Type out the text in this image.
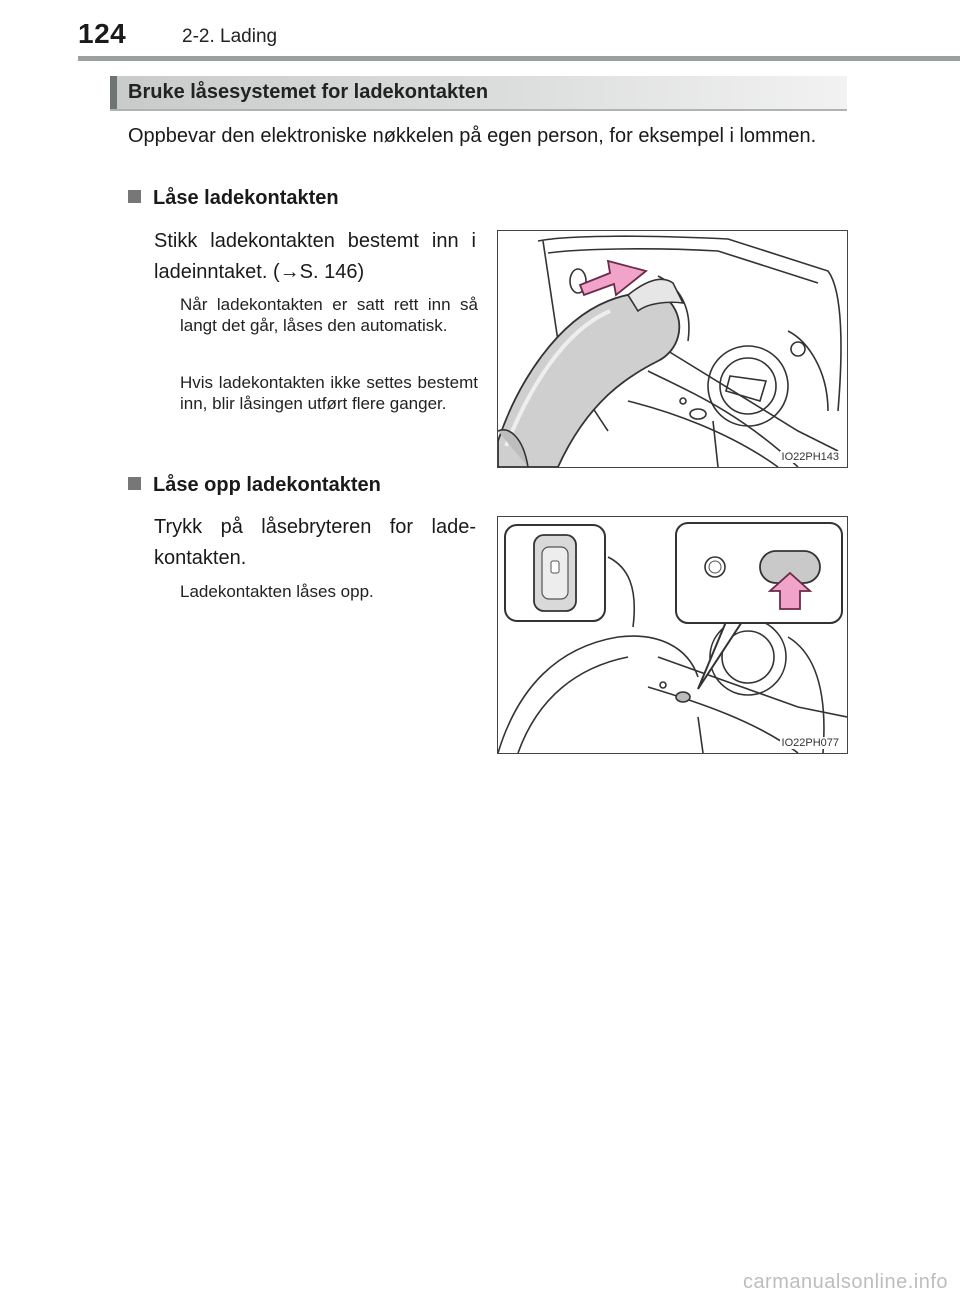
124	2-2. Lading
Bruke låsesystemet for ladekontakten
Oppbevar den elektroniske nøkkelen på egen person, for eksempel i lommen.
Låse ladekontakten
Stikk ladekontakten bestemt inn i ladeinntaket. (→S. 146)
Når ladekontakten er satt rett inn så langt det går, låses den automatisk.
Hvis ladekontakten ikke settes bestemt inn, blir låsingen utført flere ganger.
IO22PH143
Låse opp ladekontakten
Trykk på låsebryteren for lade-kontakten.
Ladekontakten låses opp.
IO22PH077
carmanualsonline.info
